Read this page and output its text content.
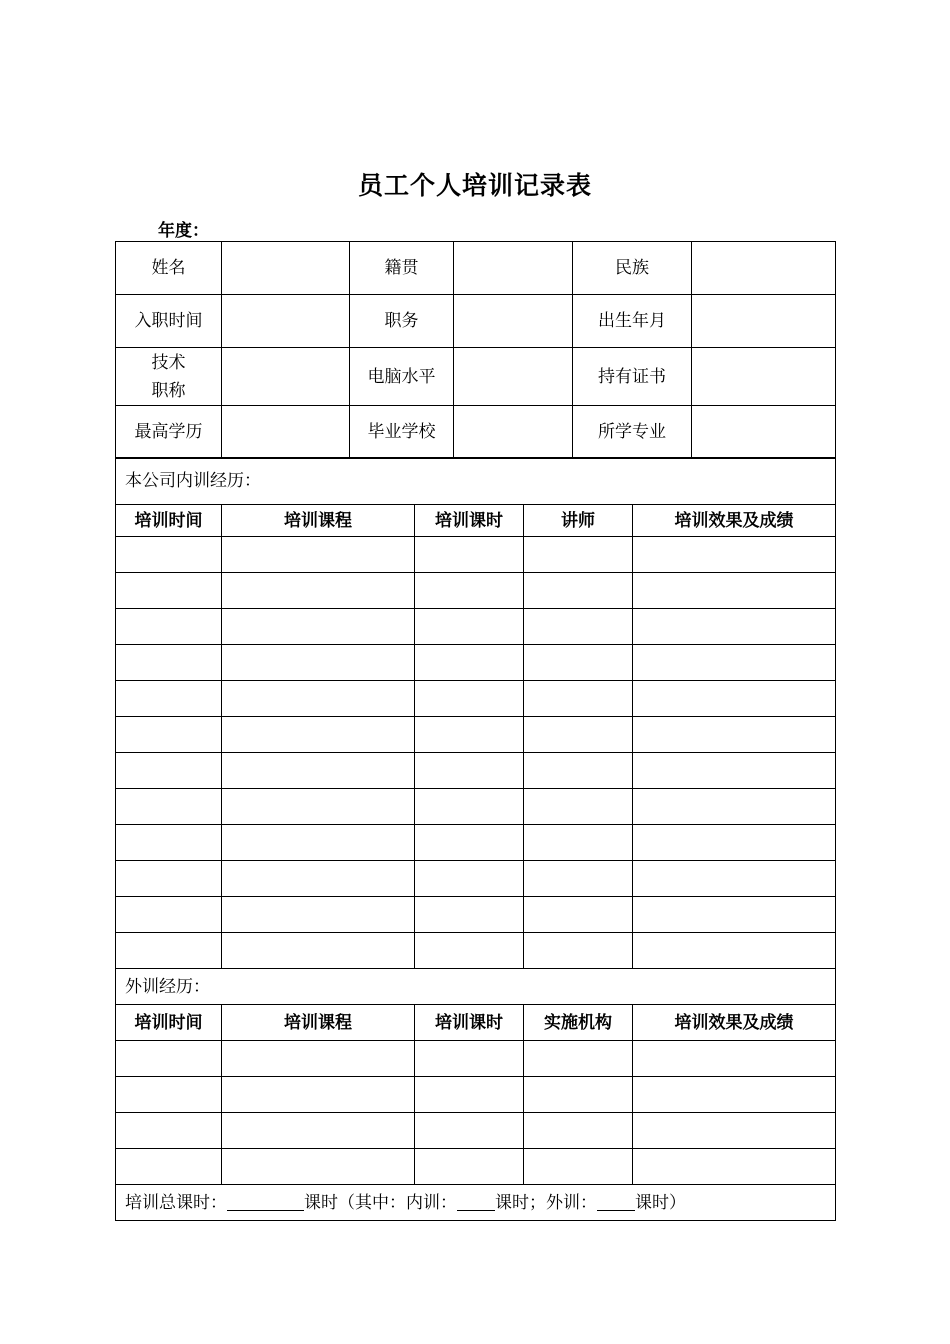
员工个人培训记录表
年度：
姓名		籍贯		民族	
入职时间		职务		出生年月	

技术
职称		电脑水平		持有证书	
最高学历		毕业学校		所学专业	
本公司内训经历：				
培训时间	培训课程	培训课时	讲师	培训效果及成绩

外训经历：				
培训时间	培训课程	培训课时	实施机构	培训效果及成绩

培训总课时： 课时（其中：内训： 课时；外训： 课时）				
